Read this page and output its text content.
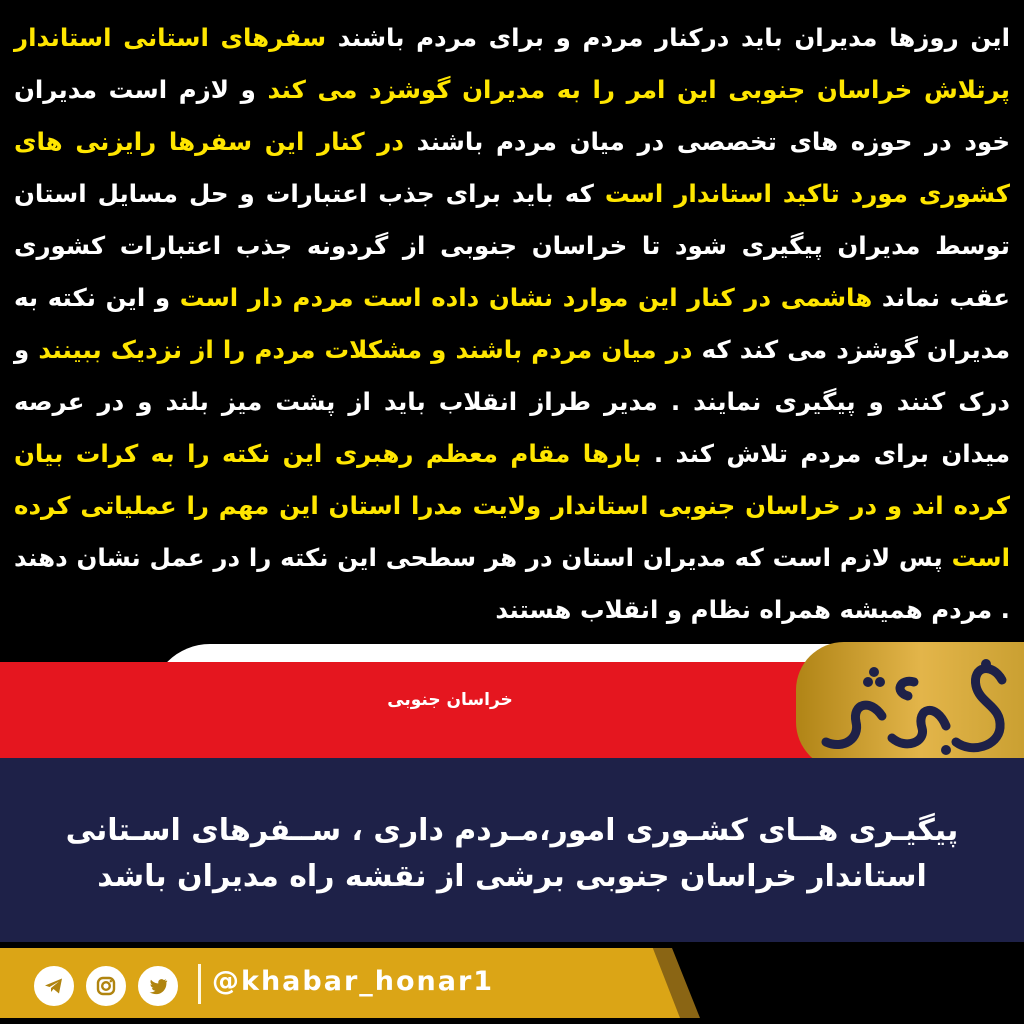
این روزها مدیران باید درکنار مردم و برای مردم باشند سفرهای استانی استاندار پرتلاش خراسان جنوبی این امر را به مدیران گوشزد می کند و لازم است مدیران خود در حوزه های تخصصی در میان مردم باشند در کنار این سفرها رایزنی های کشوری مورد تاکید استاندار است که باید برای جذب اعتبارات و حل مسایل استان توسط مدیران پیگیری شود تا خراسان جنوبی از گردونه جذب اعتبارات کشوری عقب نماند هاشمی در کنار این موارد نشان داده است مردم دار است و این نکته به مدیران گوشزد می کند که در میان مردم باشند و مشکلات مردم را از نزدیک ببینند و درک کنند و پیگیری نمایند . مدیر طراز انقلاب باید از پشت میز بلند و در عرصه میدان برای مردم تلاش کند . بارها مقام معظم رهبری این نکته را به کرات بیان کرده اند و در خراسان جنوبی استاندار ولایت مدرا استان این مهم را عملیاتی کرده است پس لازم است که مدیران استان در هر سطحی این نکته را در عمل نشان دهند . مردم همیشه همراه نظام و انقلاب هستند
خراسان جنوبی
پیگیـری هــای کشـوری امور،مـردم داری ، ســفرهای اسـتانی
استاندار خراسان جنوبی برشی از نقشه راه مدیران باشد
@khabar_honar1
